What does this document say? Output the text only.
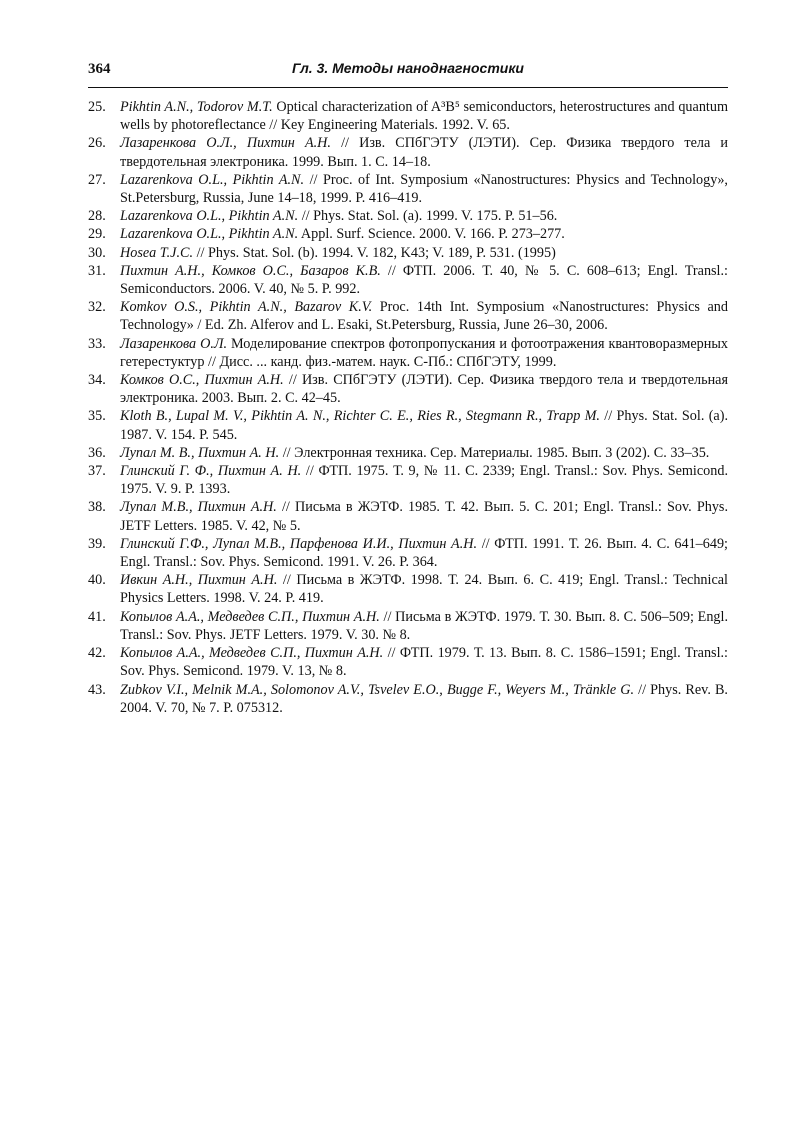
364	Гл. 3. Методы наноднагностики
25. Pikhtin A.N., Todorov M.T. Optical characterization of A³B⁵ semiconductors, heterostructures and quantum wells by photoreflectance // Key Engineering Materials. 1992. V. 65.
26. Лазаренкова О.Л., Пихтин А.Н. // Изв. СПбГЭТУ (ЛЭТИ). Сер. Физика твердого тела и твердотельная электроника. 1999. Вып. 1. С. 14–18.
27. Lazarenkova O.L., Pikhtin A.N. // Proc. of Int. Symposium «Nanostructures: Physics and Technology», St.Petersburg, Russia, June 14–18, 1999. P. 416–419.
28. Lazarenkova O.L., Pikhtin A.N. // Phys. Stat. Sol. (a). 1999. V. 175. P. 51–56.
29. Lazarenkova O.L., Pikhtin A.N. Appl. Surf. Science. 2000. V. 166. P. 273–277.
30. Hosea T.J.C. // Phys. Stat. Sol. (b). 1994. V. 182, K43; V. 189, P. 531. (1995)
31. Пихтин А.Н., Комков О.С., Базаров К.В. // ФТП. 2006. Т. 40, № 5. С. 608–613; Engl. Transl.: Semiconductors. 2006. V. 40, № 5. P. 992.
32. Komkov O.S., Pikhtin A.N., Bazarov K.V. Proc. 14th Int. Symposium «Nanostructures: Physics and Technology» / Ed. Zh. Alferov and L. Esaki, St.Petersburg, Russia, June 26–30, 2006.
33. Лазаренкова О.Л. Моделирование спектров фотопропускания и фотоотражения квантоворазмерных гетерестуктур // Дисс. ... канд. физ.-матем. наук. С-Пб.: СПбГЭТУ, 1999.
34. Комков О.С., Пихтин А.Н. // Изв. СПбГЭТУ (ЛЭТИ). Сер. Физика твердого тела и твердотельная электроника. 2003. Вып. 2. С. 42–45.
35. Kloth B., Lupal M. V., Pikhtin A. N., Richter C. E., Ries R., Stegmann R., Trapp M. // Phys. Stat. Sol. (a). 1987. V. 154. P. 545.
36. Лупал М. В., Пихтин А. Н. // Электронная техника. Сер. Материалы. 1985. Вып. 3 (202). С. 33–35.
37. Глинский Г. Ф., Пихтин А. Н. // ФТП. 1975. Т. 9, № 11. С. 2339; Engl. Transl.: Sov. Phys. Semicond. 1975. V. 9. P. 1393.
38. Лупал М.В., Пихтин А.Н. // Письма в ЖЭТФ. 1985. Т. 42. Вып. 5. С. 201; Engl. Transl.: Sov. Phys. JETF Letters. 1985. V. 42, № 5.
39. Глинский Г.Ф., Лупал М.В., Парфенова И.И., Пихтин А.Н. // ФТП. 1991. Т. 26. Вып. 4. С. 641–649; Engl. Transl.: Sov. Phys. Semicond. 1991. V. 26. P. 364.
40. Ивкин А.Н., Пихтин А.Н. // Письма в ЖЭТФ. 1998. Т. 24. Вып. 6. С. 419; Engl. Transl.: Technical Physics Letters. 1998. V. 24. P. 419.
41. Копылов А.А., Медведев С.П., Пихтин А.Н. // Письма в ЖЭТФ. 1979. Т. 30. Вып. 8. С. 506–509; Engl. Transl.: Sov. Phys. JETF Letters. 1979. V. 30. № 8.
42. Копылов А.А., Медведев С.П., Пихтин А.Н. // ФТП. 1979. Т. 13. Вып. 8. С. 1586–1591; Engl. Transl.: Sov. Phys. Semicond. 1979. V. 13, № 8.
43. Zubkov V.I., Melnik M.A., Solomonov A.V., Tsvelev E.O., Bugge F., Weyers M., Tränkle G. // Phys. Rev. B. 2004. V. 70, № 7. P. 075312.
